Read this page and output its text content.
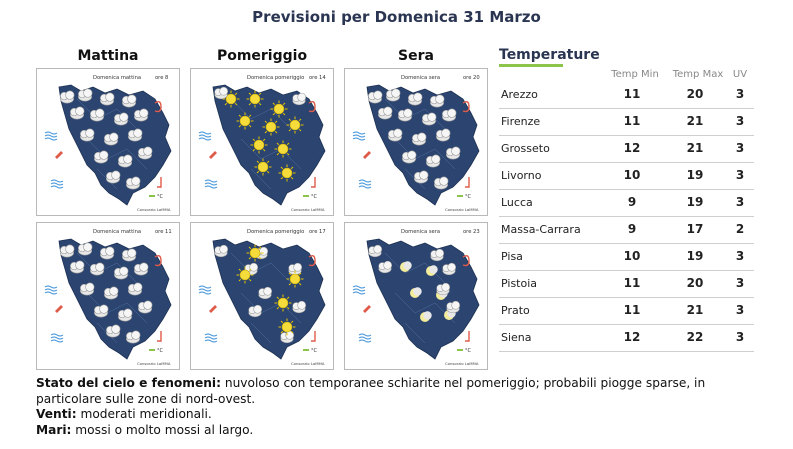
Previsioni per Domenica 31 Marzo
Mattina	Pomeriggio	Sera
Domenica mattina	ore 8
°C
Consorzio LaMMA
Domenica pomeriggio ore 14
°C
Consorzio LaMMA
Domenica sera	ore 20
°C
Consorzio LaMMA
Domenica mattina	ore 11
°C
Consorzio LaMMA
Domenica pomeriggio ore 17
°C
Consorzio LaMMA
Domenica sera	ore 23
°C
Consorzio LaMMA
Temperature
Temp Min	Temp Max UV
Arezzo	11	20	3
Firenze	11	21	3
Grosseto	12	21	3
Livorno	10	19	3
Lucca	9	19	3
Massa-Carrara	9	17	2
Pisa	10	19	3
Pistoia	11	20	3
Prato	11	21	3
Siena	12	22	3
Stato del cielo e fenomeni: nuvoloso con temporanee schiarite nel pomeriggio; probabili piogge sparse, in particolare sulle zone di nord-ovest.
Venti: moderati meridionali.
Mari: mossi o molto mossi al largo.
